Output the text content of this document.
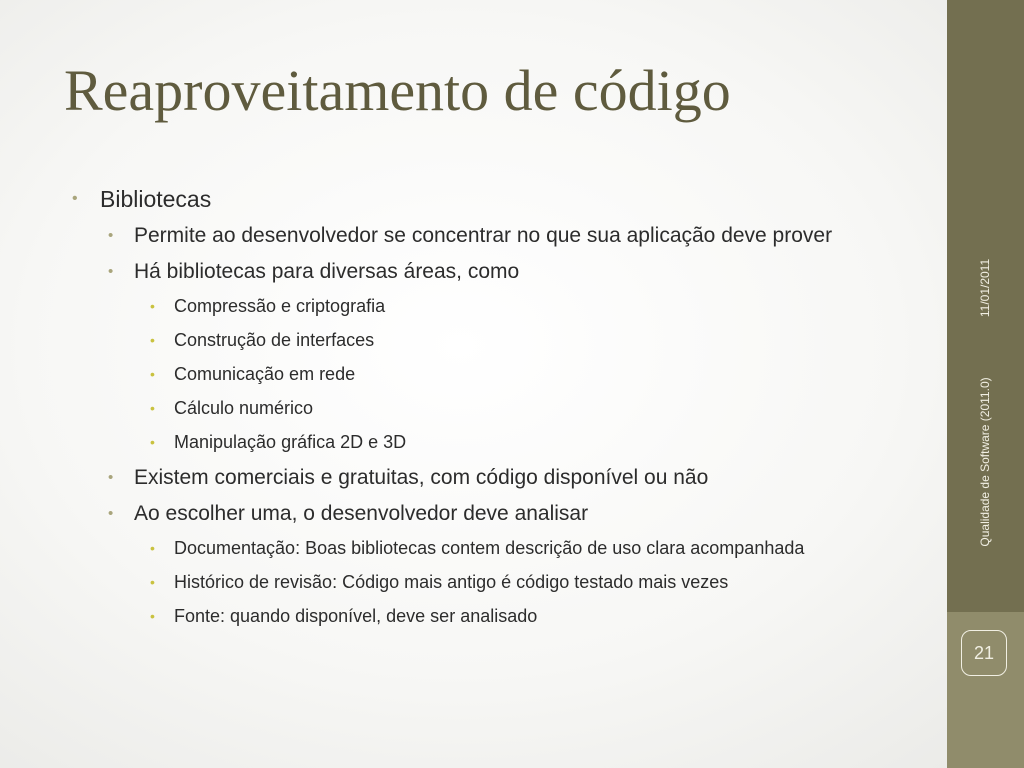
Reaproveitamento de código
• Bibliotecas
• Permite ao desenvolvedor se concentrar no que sua aplicação deve prover
• Há bibliotecas para diversas áreas, como
• Compressão e criptografia
• Construção de interfaces
• Comunicação em rede
• Cálculo numérico
• Manipulação gráfica 2D e 3D
• Existem comerciais e gratuitas, com código disponível ou não
• Ao escolher uma, o desenvolvedor deve analisar
• Documentação: Boas bibliotecas contem descrição de uso clara acompanhada
• Histórico de revisão: Código mais antigo é código testado mais vezes
• Fonte: quando disponível, deve ser analisado
11/01/2011
Qualidade de Software (2011.0)
21
